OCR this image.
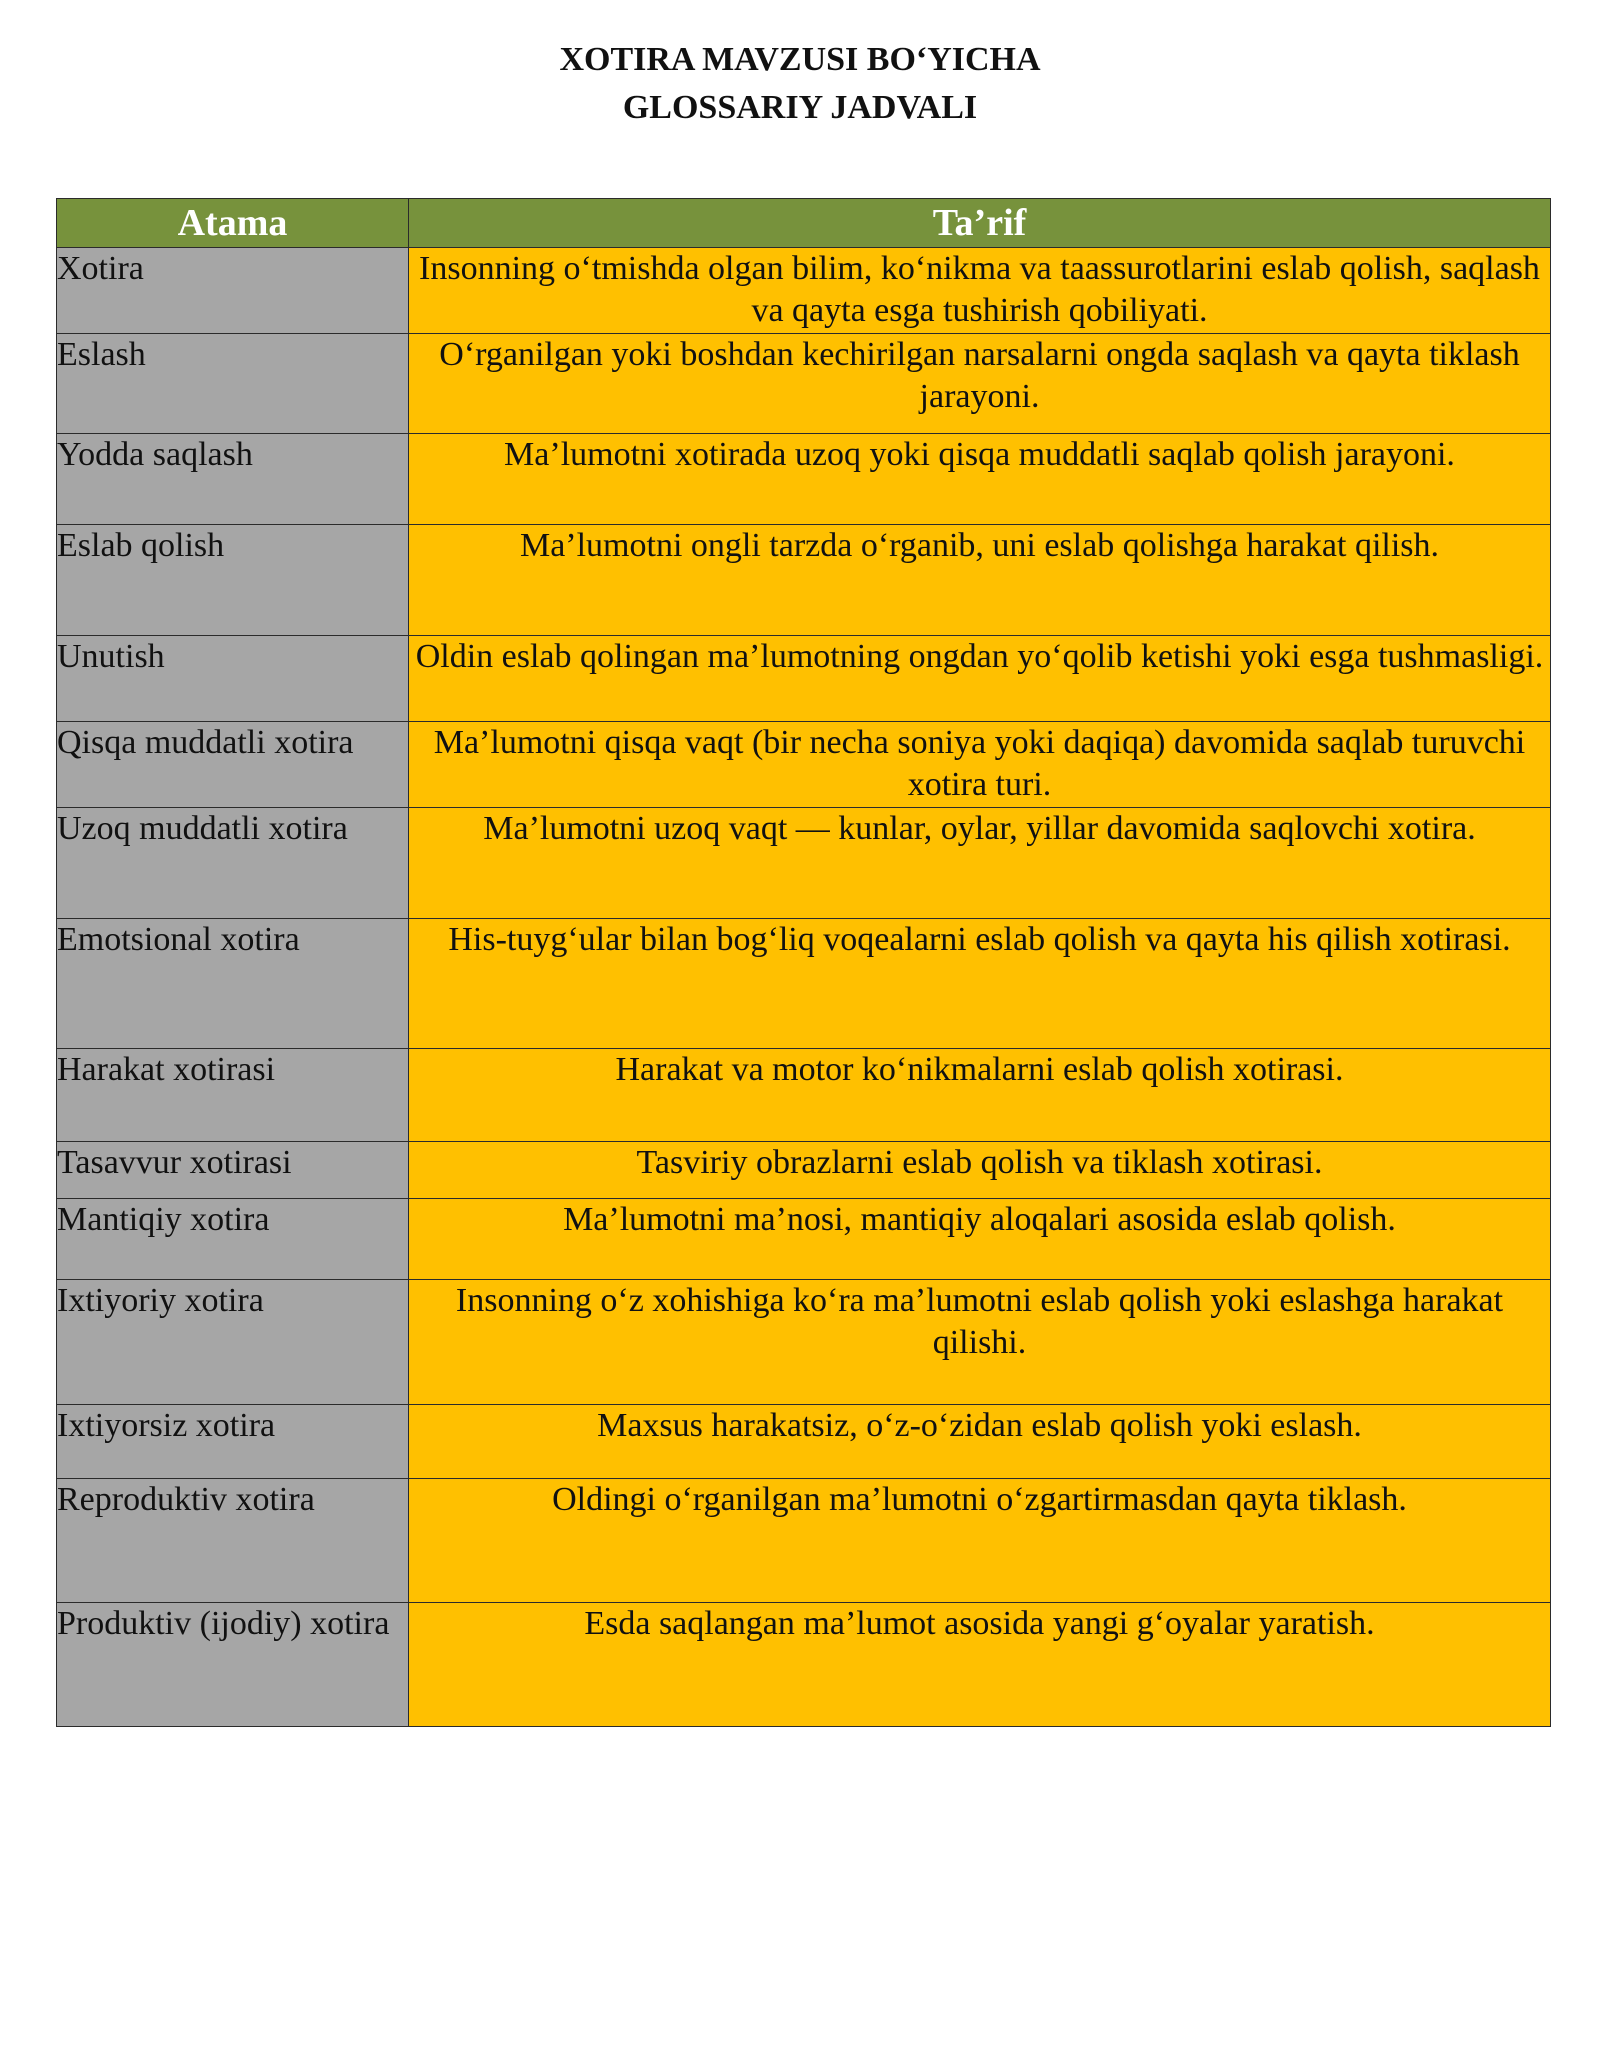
XOTIRA MAVZUSI BO‘YICHA
GLOSSARIY JADVALI
Atama	Ta’rif
Xotira	Insonning o‘tmishda olgan bilim, ko‘nikma va taassurotlarini eslab qolish, saqlash va qayta esga tushirish qobiliyati.
Eslash	O‘rganilgan yoki boshdan kechirilgan narsalarni ongda saqlash va qayta tiklash jarayoni.
Yodda saqlash	Ma’lumotni xotirada uzoq yoki qisqa muddatli saqlab qolish jarayoni.
Eslab qolish	Ma’lumotni ongli tarzda o‘rganib, uni eslab qolishga harakat qilish.
Unutish	Oldin eslab qolingan ma’lumotning ongdan yo‘qolib ketishi yoki esga tushmasligi.
Qisqa muddatli xotira	Ma’lumotni qisqa vaqt (bir necha soniya yoki daqiqa) davomida saqlab turuvchi xotira turi.
Uzoq muddatli xotira	Ma’lumotni uzoq vaqt — kunlar, oylar, yillar davomida saqlovchi xotira.
Emotsional xotira	His-tuyg‘ular bilan bog‘liq voqealarni eslab qolish va qayta his qilish xotirasi.
Harakat xotirasi	Harakat va motor ko‘nikmalarni eslab qolish xotirasi.
Tasavvur xotirasi	Tasviriy obrazlarni eslab qolish va tiklash xotirasi.
Mantiqiy xotira	Ma’lumotni ma’nosi, mantiqiy aloqalari asosida eslab qolish.
Ixtiyoriy xotira	Insonning o‘z xohishiga ko‘ra ma’lumotni eslab qolish yoki eslashga harakat qilishi.
Ixtiyorsiz xotira	Maxsus harakatsiz, o‘z-o‘zidan eslab qolish yoki eslash.
Reproduktiv xotira	Oldingi o‘rganilgan ma’lumotni o‘zgartirmasdan qayta tiklash.
Produktiv (ijodiy) xotira	Esda saqlangan ma’lumot asosida yangi g‘oyalar yaratish.
